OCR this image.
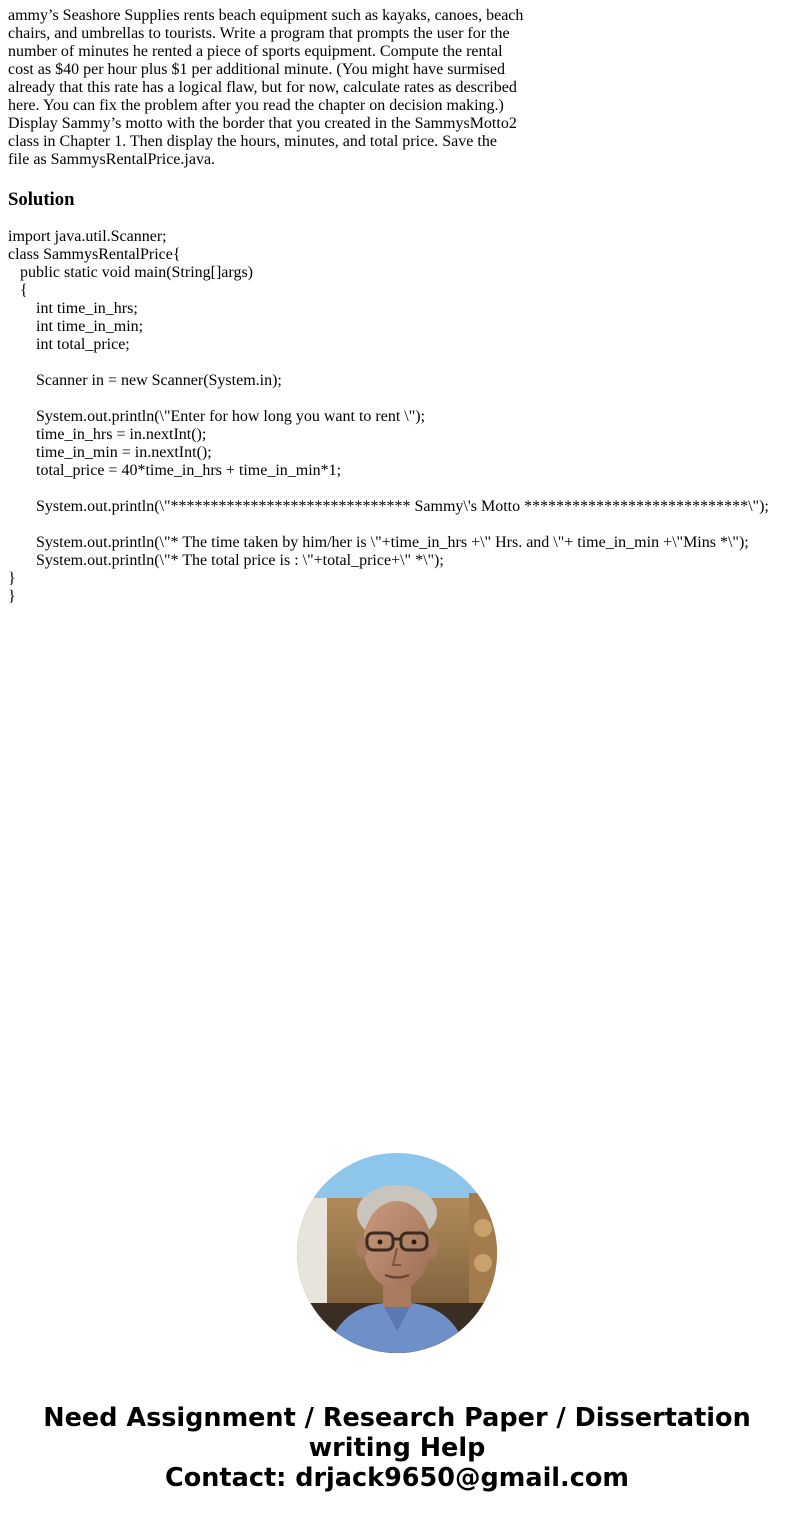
ammy’s Seashore Supplies rents beach equipment such as kayaks, canoes, beach
chairs, and umbrellas to tourists. Write a program that prompts the user for the
number of minutes he rented a piece of sports equipment. Compute the rental
cost as $40 per hour plus $1 per additional minute. (You might have surmised
already that this rate has a logical flaw, but for now, calculate rates as described
here. You can fix the problem after you read the chapter on decision making.)
Display Sammy’s motto with the border that you created in the SammysMotto2
class in Chapter 1. Then display the hours, minutes, and total price. Save the
file as SammysRentalPrice.java.
Solution
import java.util.Scanner;
class SammysRentalPrice{
public static void main(String[]args)
{
int time_in_hrs;
int time_in_min;
int total_price;
Scanner in = new Scanner(System.in);
System.out.println(\"Enter for how long you want to rent \");
time_in_hrs = in.nextInt();
time_in_min = in.nextInt();
total_price = 40*time_in_hrs + time_in_min*1;
System.out.println(\"****************************** Sammy\'s Motto ****************************\");
System.out.println(\"* The time taken by him/her is \"+time_in_hrs +\" Hrs. and \"+ time_in_min +\"Mins *\");
System.out.println(\"* The total price is : \"+total_price+\" *\");
}
}
Need Assignment / Research Paper / Dissertation
writing Help
Contact: drjack9650@gmail.com
